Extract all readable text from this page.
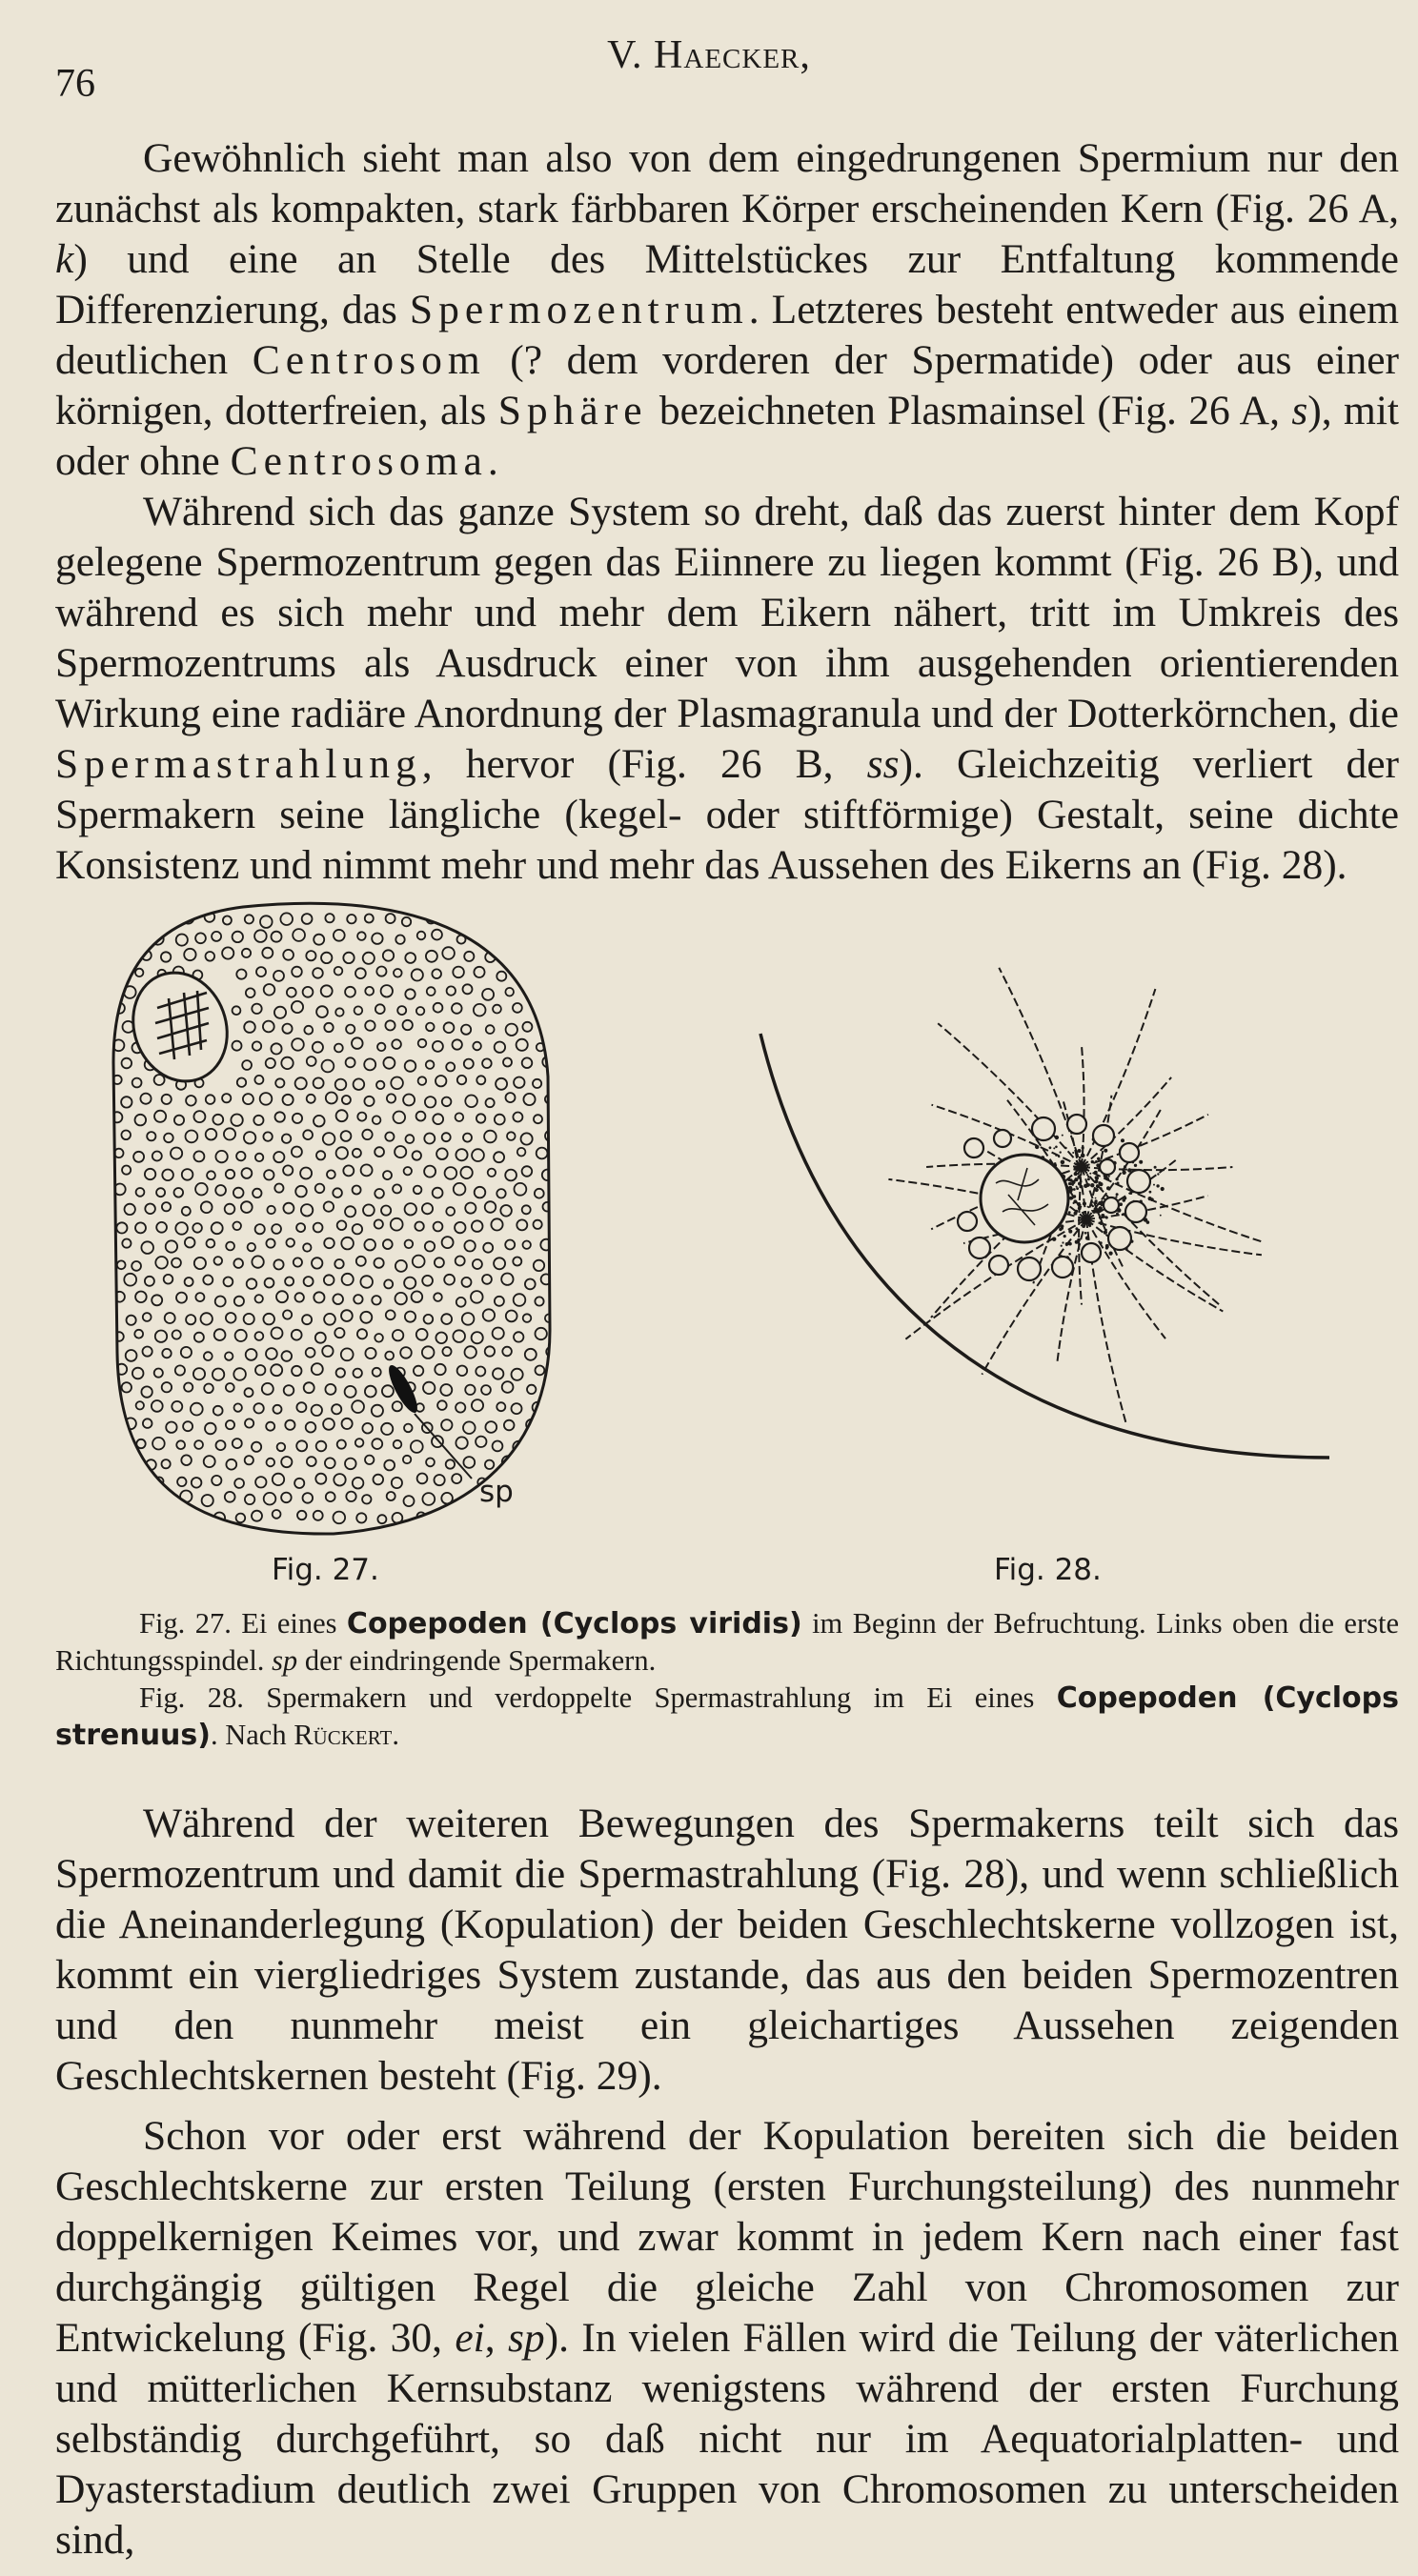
76
V. Haecker,

Gewöhnlich sieht man also von dem eingedrungenen Spermium nur den zunächst als kompakten, stark färbbaren Körper erscheinenden Kern (Fig. 26 A, k) und eine an Stelle des Mittelstückes zur Entfaltung kommende Differenzierung, das Spermozentrum. Letzteres besteht entweder aus einem deutlichen Centrosom (? dem vorderen der Spermatide) oder aus einer körnigen, dotterfreien, als Sphäre bezeichneten Plasmainsel (Fig. 26 A, s), mit oder ohne Centrosoma.

Während sich das ganze System so dreht, daß das zuerst hinter dem Kopf gelegene Spermozentrum gegen das Eiinnere zu liegen kommt (Fig. 26 B), und während es sich mehr und mehr dem Eikern nähert, tritt im Umkreis des Spermozentrums als Ausdruck einer von ihm ausgehenden orientierenden Wirkung eine radiäre Anordnung der Plasmagranula und der Dotterkörnchen, die Spermastrahlung, hervor (Fig. 26 B, ss). Gleichzeitig verliert der Spermakern seine längliche (kegel- oder stiftförmige) Gestalt, seine dichte Konsistenz und nimmt mehr und mehr das Aussehen des Eikerns an (Fig. 28).

sp
Fig. 27.	Fig. 28.

Fig. 27. Ei eines Copepoden (Cyclops viridis) im Beginn der Befruchtung. Links oben die erste Richtungsspindel. sp der eindringende Spermakern.

Fig. 28. Spermakern und verdoppelte Spermastrahlung im Ei eines Copepoden (Cyclops strenuus). Nach Rückert.

Während der weiteren Bewegungen des Spermakerns teilt sich das Spermozentrum und damit die Spermastrahlung (Fig. 28), und wenn schließlich die Aneinanderlegung (Kopulation) der beiden Geschlechtskerne vollzogen ist, kommt ein viergliedriges System zustande, das aus den beiden Spermozentren und den nunmehr meist ein gleichartiges Aussehen zeigenden Geschlechtskernen besteht (Fig. 29).

Schon vor oder erst während der Kopulation bereiten sich die beiden Geschlechtskerne zur ersten Teilung (ersten Furchungsteilung) des nunmehr doppelkernigen Keimes vor, und zwar kommt in jedem Kern nach einer fast durchgängig gültigen Regel die gleiche Zahl von Chromosomen zur Entwickelung (Fig. 30, ei, sp). In vielen Fällen wird die Teilung der väterlichen und mütterlichen Kernsubstanz wenigstens während der ersten Furchung selbständig durchgeführt, so daß nicht nur im Aequatorialplatten- und Dyasterstadium deutlich zwei Gruppen von Chromosomen zu unterscheiden sind,
